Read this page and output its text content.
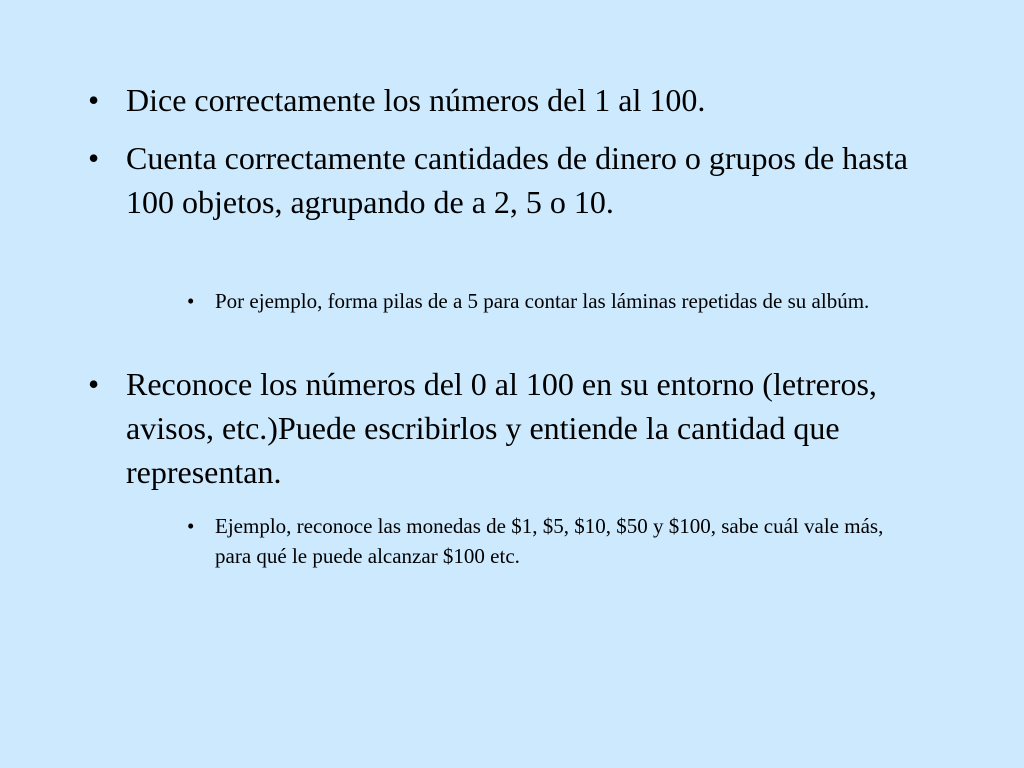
• Dice correctamente los números del 1 al 100.
• Cuenta correctamente cantidades de dinero o grupos de hasta 100 objetos, agrupando de a 2, 5 o 10.
• Por ejemplo, forma pilas de a 5 para contar las láminas repetidas de su albúm.
• Reconoce los números del 0 al 100 en su entorno (letreros, avisos, etc.)Puede escribirlos y entiende la cantidad que representan.
• Ejemplo, reconoce las monedas de $1, $5, $10, $50 y $100, sabe cuál vale más, para qué le puede alcanzar $100 etc.
